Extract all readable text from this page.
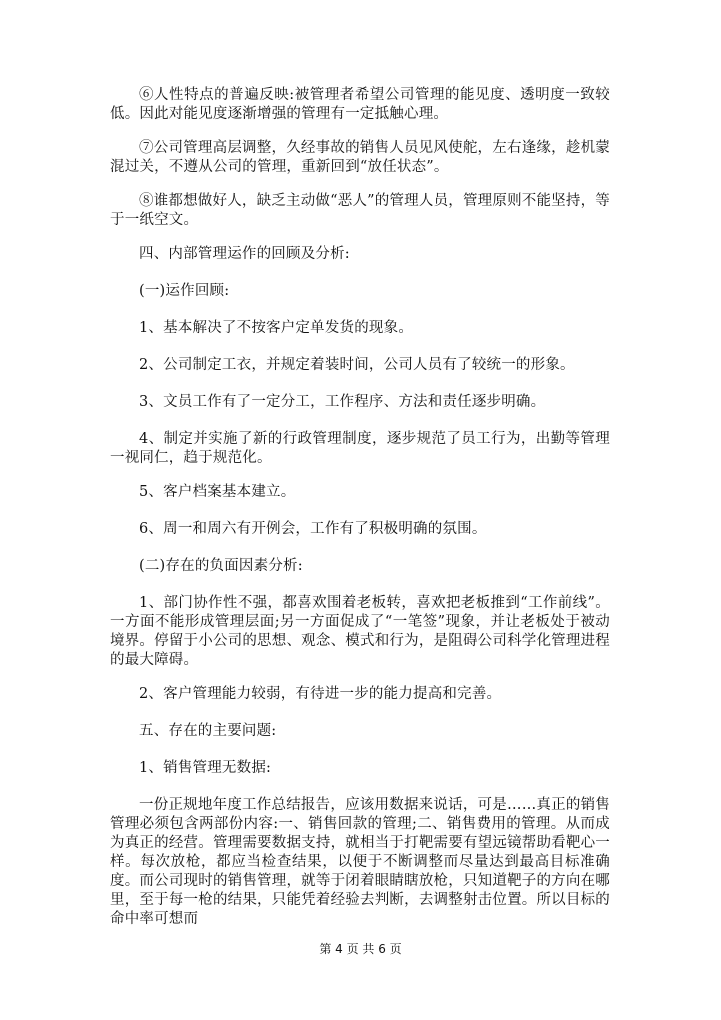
⑥人性特点的普遍反映:被管理者希望公司管理的能见度、透明度一致较低。因此对能见度逐渐增强的管理有一定抵触心理。

⑦公司管理高层调整，久经事故的销售人员见风使舵，左右逢缘，趁机蒙混过关，不遵从公司的管理，重新回到“放任状态”。

⑧谁都想做好人，缺乏主动做“恶人”的管理人员，管理原则不能坚持，等于一纸空文。

四、内部管理运作的回顾及分析:

(一)运作回顾:

1、基本解决了不按客户定单发货的现象。

2、公司制定工衣，并规定着装时间，公司人员有了较统一的形象。

3、文员工作有了一定分工，工作程序、方法和责任逐步明确。

4、制定并实施了新的行政管理制度，逐步规范了员工行为，出勤等管理一视同仁，趋于规范化。

5、客户档案基本建立。

6、周一和周六有开例会，工作有了积极明确的氛围。

(二)存在的负面因素分析:

1、部门协作性不强，都喜欢围着老板转，喜欢把老板推到“工作前线”。一方面不能形成管理层面;另一方面促成了“一笔签”现象，并让老板处于被动境界。停留于小公司的思想、观念、模式和行为，是阻碍公司科学化管理进程的最大障碍。

2、客户管理能力较弱，有待进一步的能力提高和完善。

五、存在的主要问题:

1、销售管理无数据:

一份正规地年度工作总结报告，应该用数据来说话，可是……真正的销售管理必须包含两部份内容:一、销售回款的管理;二、销售费用的管理。从而成为真正的经营。管理需要数据支持，就相当于打靶需要有望远镜帮助看靶心一样。每次放枪，都应当检查结果，以便于不断调整而尽量达到最高目标准确度。而公司现时的销售管理，就等于闭着眼睛瞎放枪，只知道靶子的方向在哪里，至于每一枪的结果，只能凭着经验去判断，去调整射击位置。所以目标的命中率可想而

第 4 页 共 6 页
